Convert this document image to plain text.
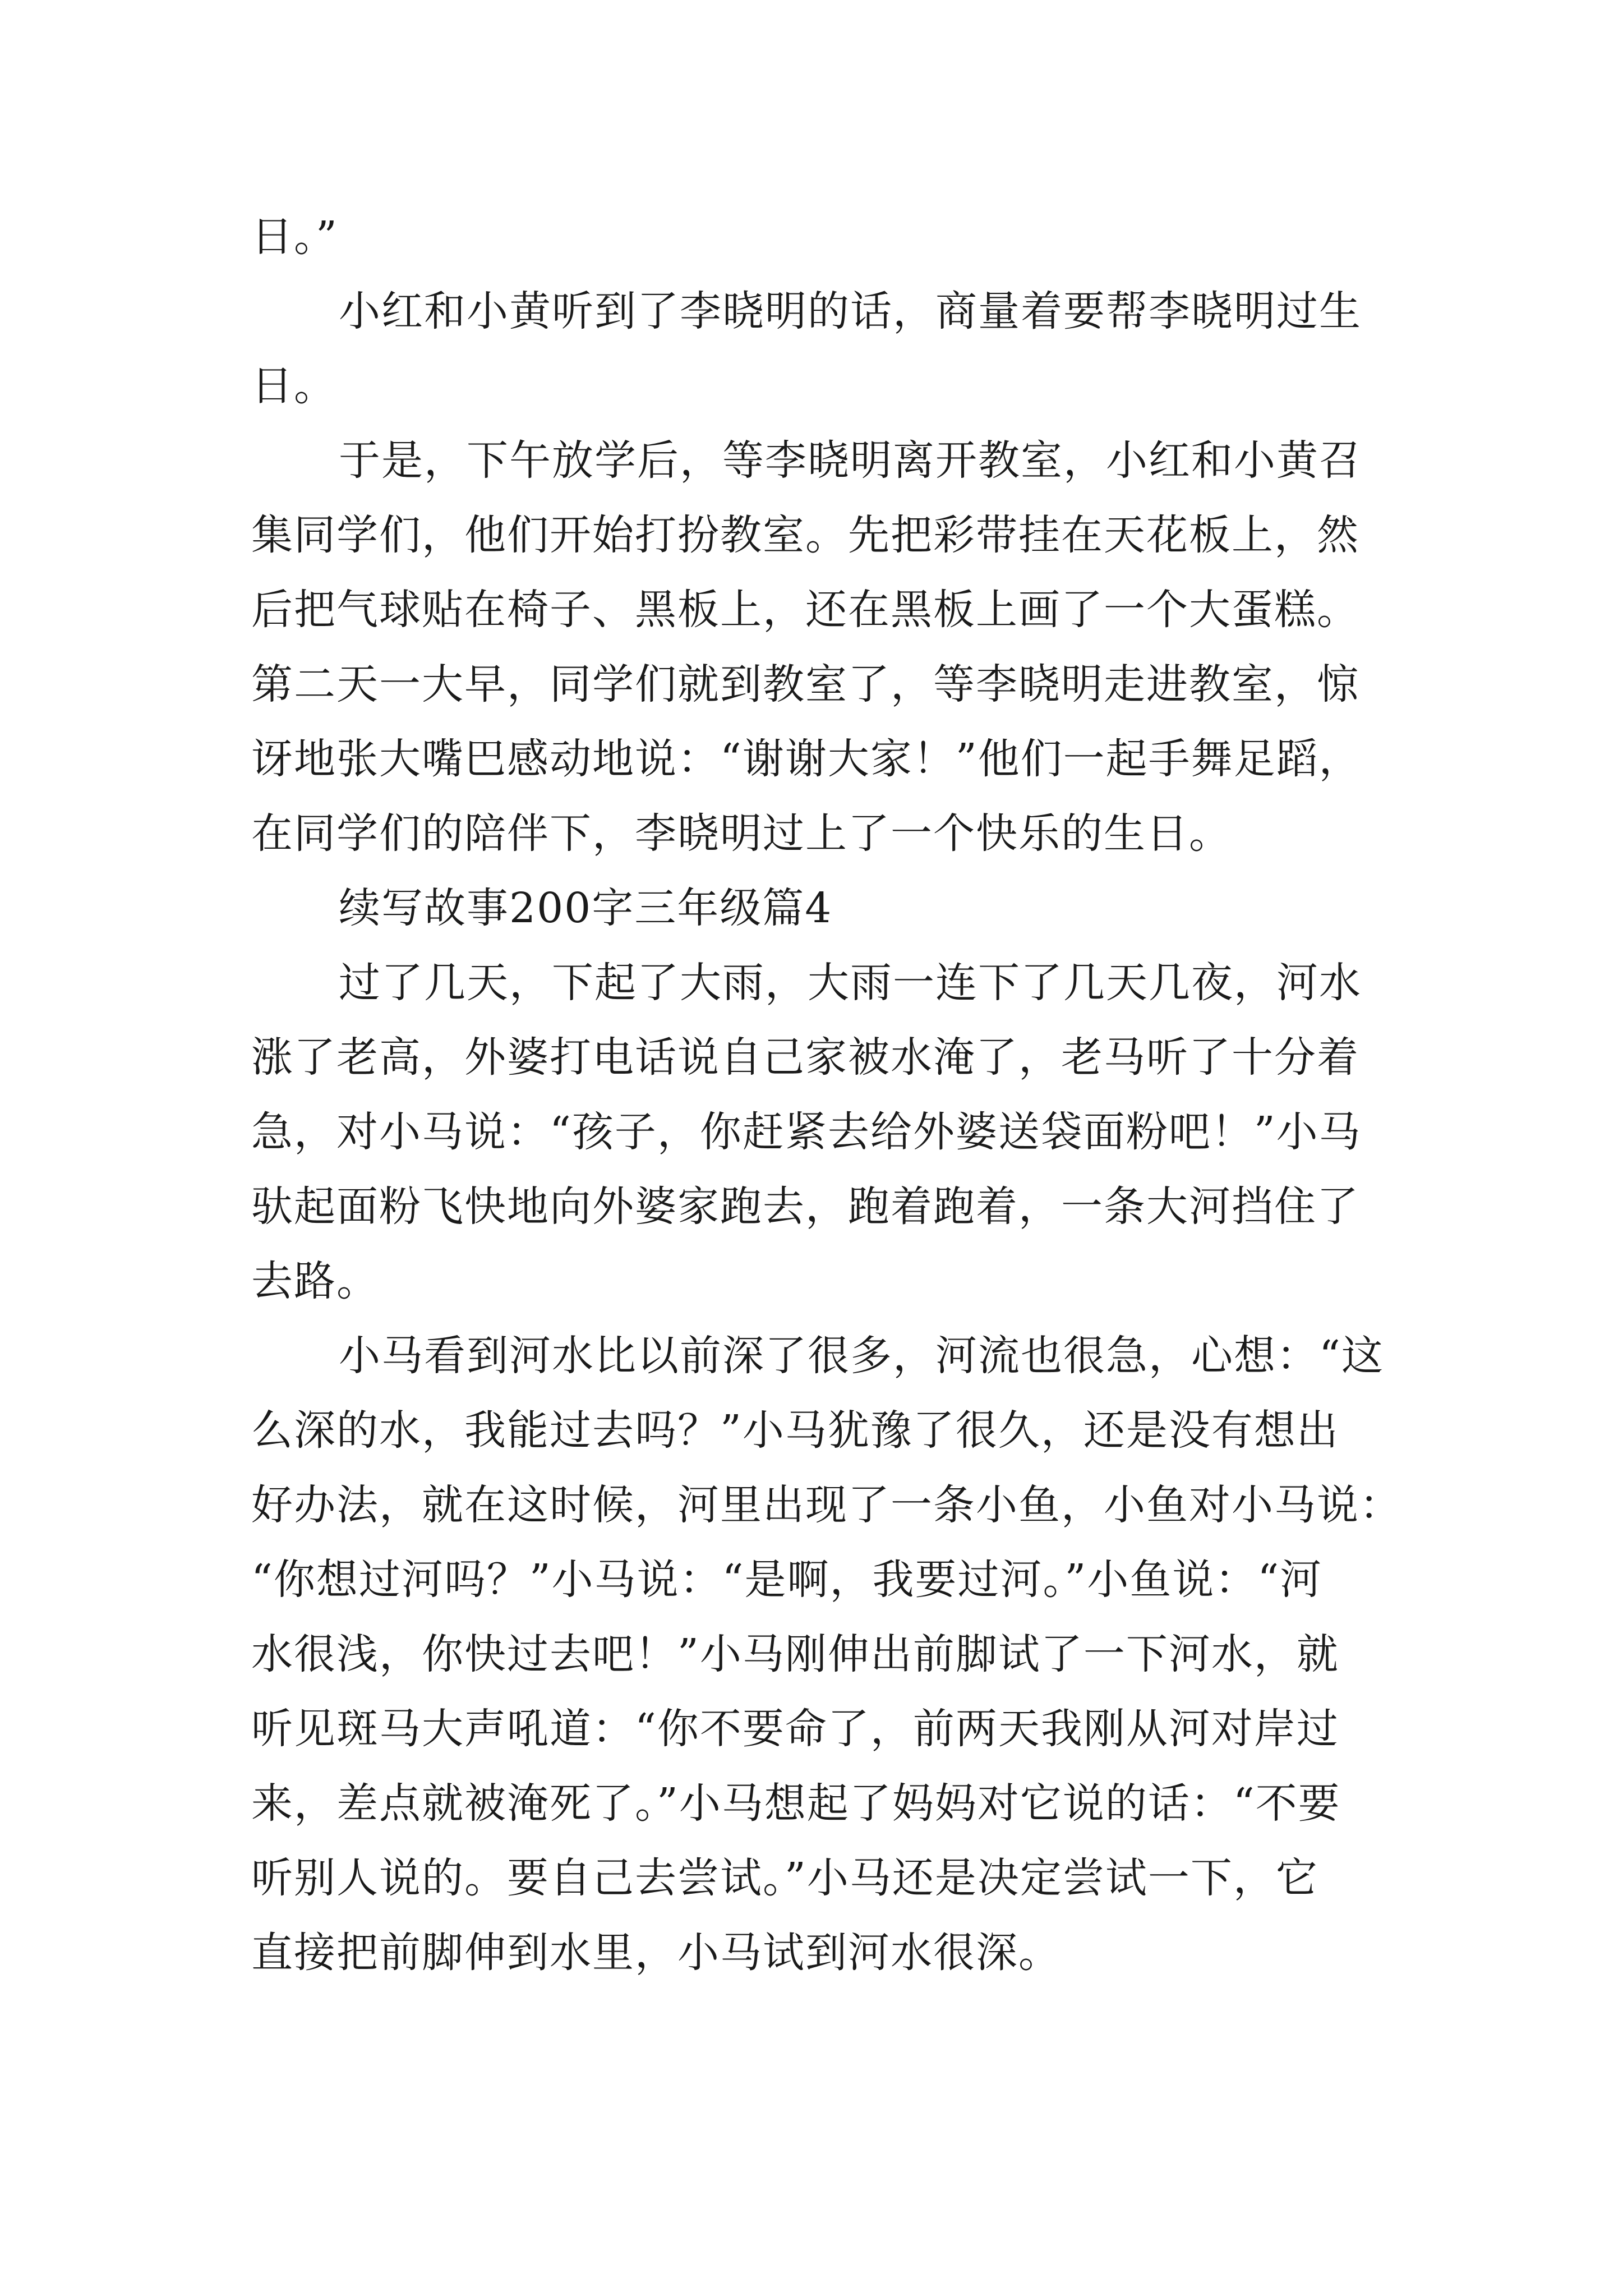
日。”
小红和小黄听到了李晓明的话，商量着要帮李晓明过生
日。
于是，下午放学后，等李晓明离开教室，小红和小黄召
集同学们，他们开始打扮教室。先把彩带挂在天花板上，然
后把气球贴在椅子、黑板上，还在黑板上画了一个大蛋糕。
第二天一大早，同学们就到教室了，等李晓明走进教室，惊
讶地张大嘴巴感动地说：“谢谢大家！”他们一起手舞足蹈，
在同学们的陪伴下，李晓明过上了一个快乐的生日。
续写故事200字三年级篇4
过了几天，下起了大雨，大雨一连下了几天几夜，河水
涨了老高，外婆打电话说自己家被水淹了，老马听了十分着
急，对小马说：“孩子，你赶紧去给外婆送袋面粉吧！”小马
驮起面粉飞快地向外婆家跑去，跑着跑着，一条大河挡住了
去路。
小马看到河水比以前深了很多，河流也很急，心想：“这
么深的水，我能过去吗？”小马犹豫了很久，还是没有想出
好办法，就在这时候，河里出现了一条小鱼，小鱼对小马说：
“你想过河吗？”小马说：“是啊，我要过河。”小鱼说：“河
水很浅，你快过去吧！”小马刚伸出前脚试了一下河水，就
听见斑马大声吼道：“你不要命了，前两天我刚从河对岸过
来，差点就被淹死了。”小马想起了妈妈对它说的话：“不要
听别人说的。要自己去尝试。”小马还是决定尝试一下，它
直接把前脚伸到水里，小马试到河水很深。
